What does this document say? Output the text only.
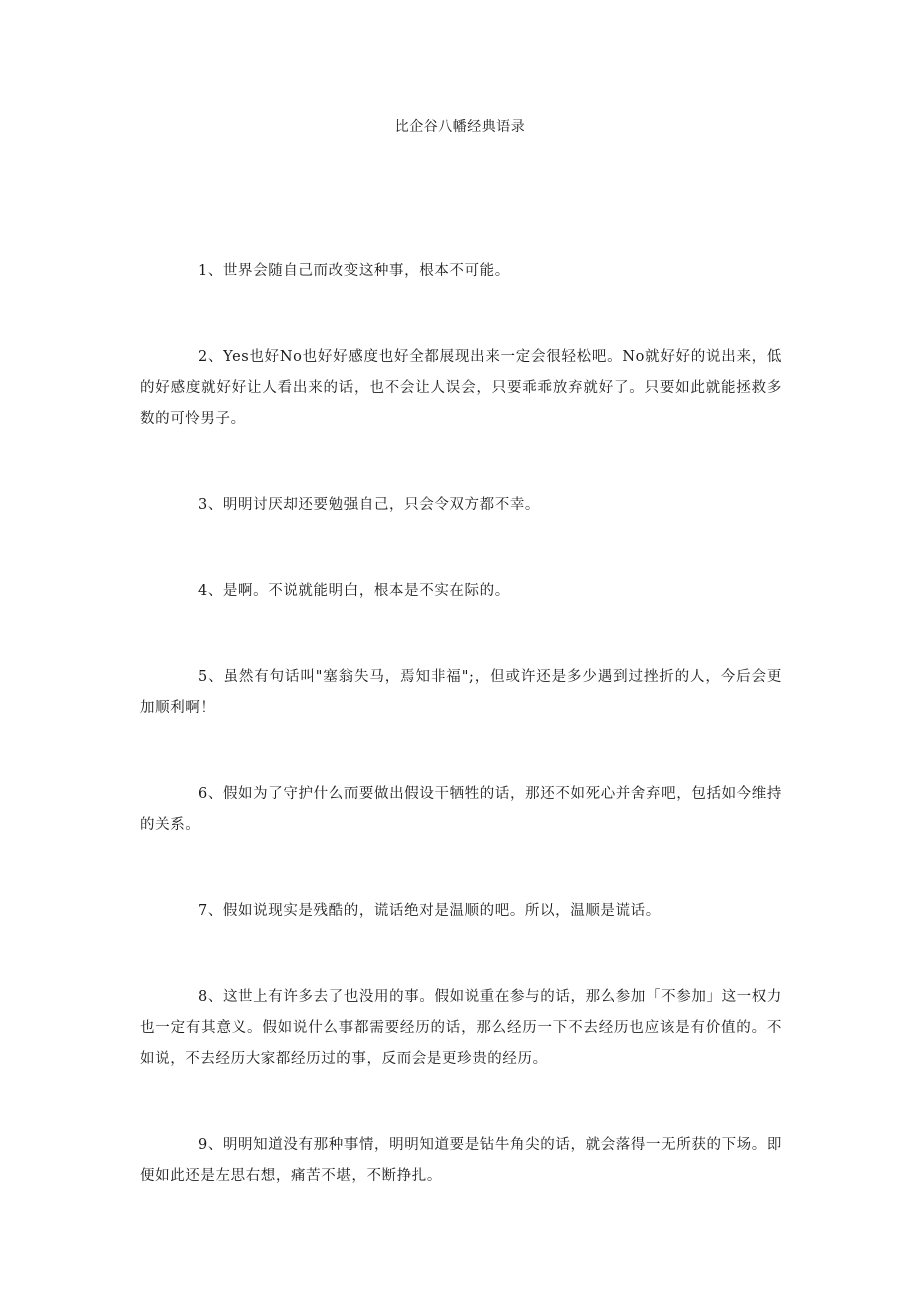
比企谷八幡经典语录

1、世界会随自己而改变这种事，根本不可能。

2、Yes也好No也好好感度也好全都展现出来一定会很轻松吧。No就好好的说出来，低的好感度就好好让人看出来的话，也不会让人误会，只要乖乖放弃就好了。只要如此就能拯救多数的可怜男子。

3、明明讨厌却还要勉强自己，只会令双方都不幸。

4、是啊。不说就能明白，根本是不实在际的。

5、虽然有句话叫"塞翁失马，焉知非福";，但或许还是多少遇到过挫折的人，今后会更加顺利啊！

6、假如为了守护什么而要做出假设干牺牲的话，那还不如死心并舍弃吧，包括如今维持的关系。

7、假如说现实是残酷的，谎话绝对是温顺的吧。所以，温顺是谎话。

8、这世上有许多去了也没用的事。假如说重在参与的话，那么参加「不参加」这一权力也一定有其意义。假如说什么事都需要经历的话，那么经历一下不去经历也应该是有价值的。不如说，不去经历大家都经历过的事，反而会是更珍贵的经历。

9、明明知道没有那种事情，明明知道要是钻牛角尖的话，就会落得一无所获的下场。即便如此还是左思右想，痛苦不堪，不断挣扎。
